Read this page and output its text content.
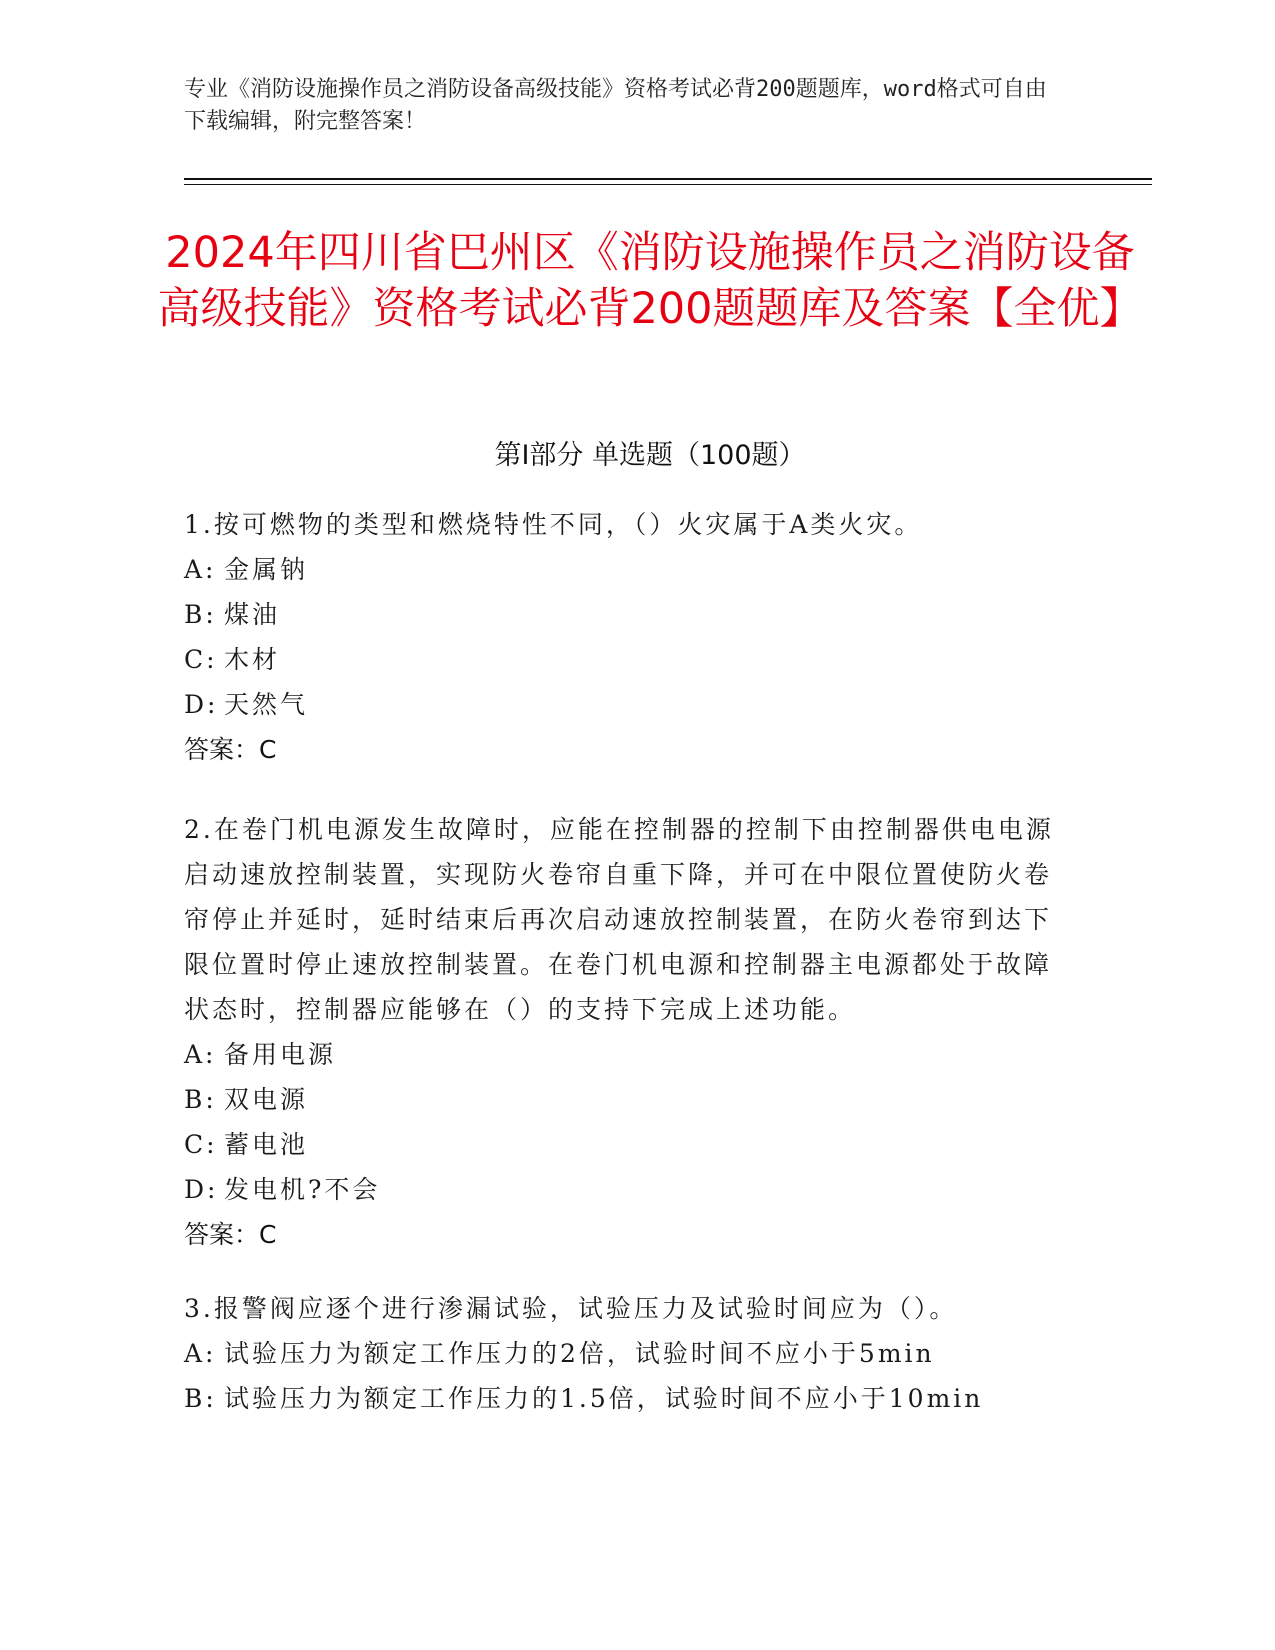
专业《消防设施操作员之消防设备高级技能》资格考试必背200题题库，word格式可自由下载编辑，附完整答案！
2024年四川省巴州区《消防设施操作员之消防设备高级技能》资格考试必背200题题库及答案【全优】
第Ⅰ部分 单选题（100题）

1.按可燃物的类型和燃烧特性不同，（）火灾属于A类火灾。

A: 金属钠

B: 煤油

C: 木材

D: 天然气

答案：C

2.在卷门机电源发生故障时，应能在控制器的控制下由控制器供电电源启动速放控制装置，实现防火卷帘自重下降，并可在中限位置使防火卷帘停止并延时，延时结束后再次启动速放控制装置，在防火卷帘到达下限位置时停止速放控制装置。在卷门机电源和控制器主电源都处于故障状态时，控制器应能够在（）的支持下完成上述功能。

A: 备用电源

B: 双电源

C: 蓄电池

D: 发电机?不会

答案：C

3.报警阀应逐个进行渗漏试验，试验压力及试验时间应为（）。

A: 试验压力为额定工作压力的2倍，试验时间不应小于5min

B: 试验压力为额定工作压力的1.5倍，试验时间不应小于10min
